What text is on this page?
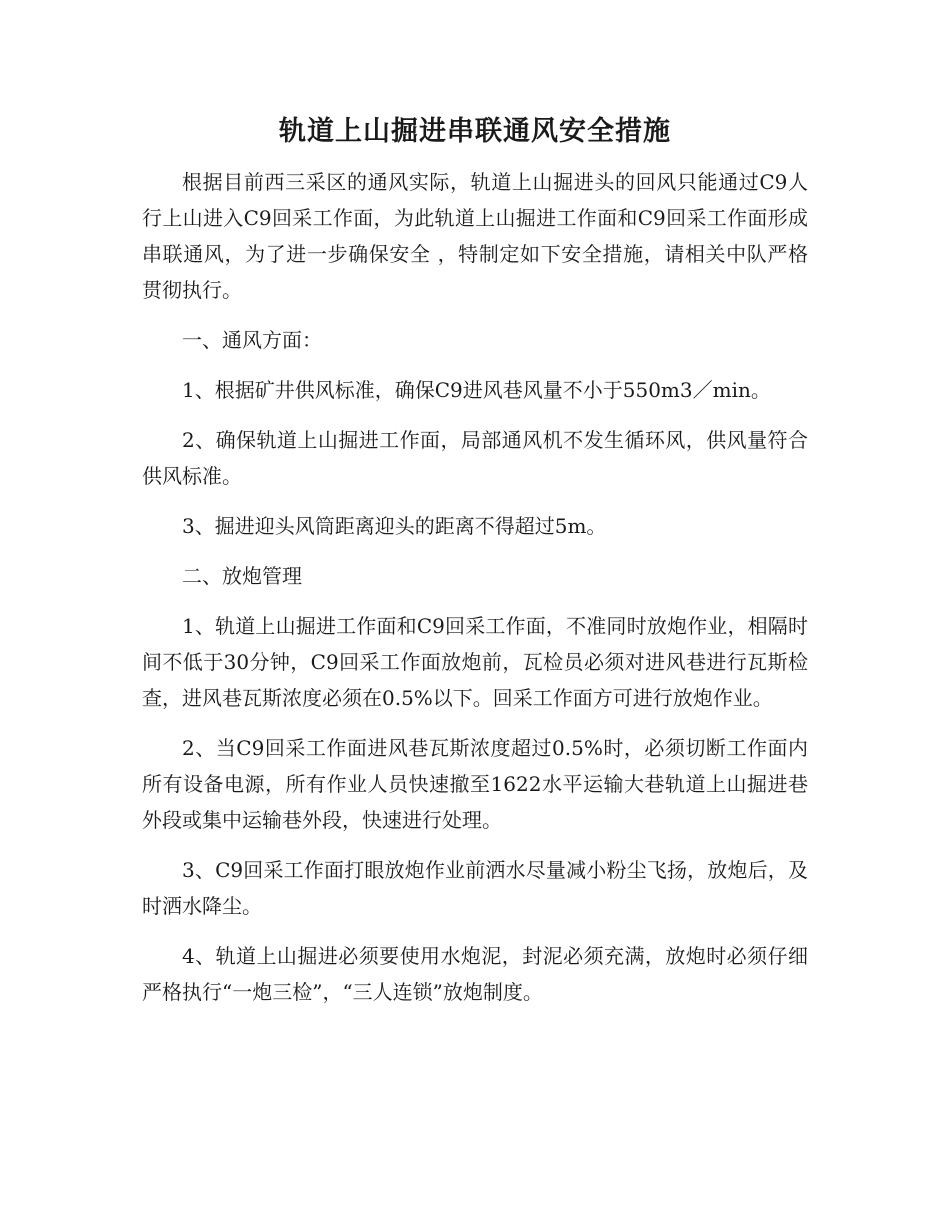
轨道上山掘进串联通风安全措施

根据目前西三采区的通风实际，轨道上山掘进头的回风只能通过C9人行上山进入C9回采工作面，为此轨道上山掘进工作面和C9回采工作面形成串联通风，为了进一步确保安全 ，特制定如下安全措施，请相关中队严格贯彻执行。

一、通风方面：

1、根据矿井供风标准，确保C9进风巷风量不小于550m3／min。

2、确保轨道上山掘进工作面，局部通风机不发生循环风，供风量符合供风标准。

3、掘进迎头风筒距离迎头的距离不得超过5m。

二、放炮管理

1、轨道上山掘进工作面和C9回采工作面，不准同时放炮作业，相隔时间不低于30分钟，C9回采工作面放炮前，瓦检员必须对进风巷进行瓦斯检查，进风巷瓦斯浓度必须在0.5%以下。回采工作面方可进行放炮作业。

2、当C9回采工作面进风巷瓦斯浓度超过0.5%时，必须切断工作面内所有设备电源，所有作业人员快速撤至1622水平运输大巷轨道上山掘进巷外段或集中运输巷外段，快速进行处理。

3、C9回采工作面打眼放炮作业前洒水尽量减小粉尘飞扬，放炮后，及时洒水降尘。

4、轨道上山掘进必须要使用水炮泥，封泥必须充满，放炮时必须仔细严格执行“一炮三检”，“三人连锁”放炮制度。
